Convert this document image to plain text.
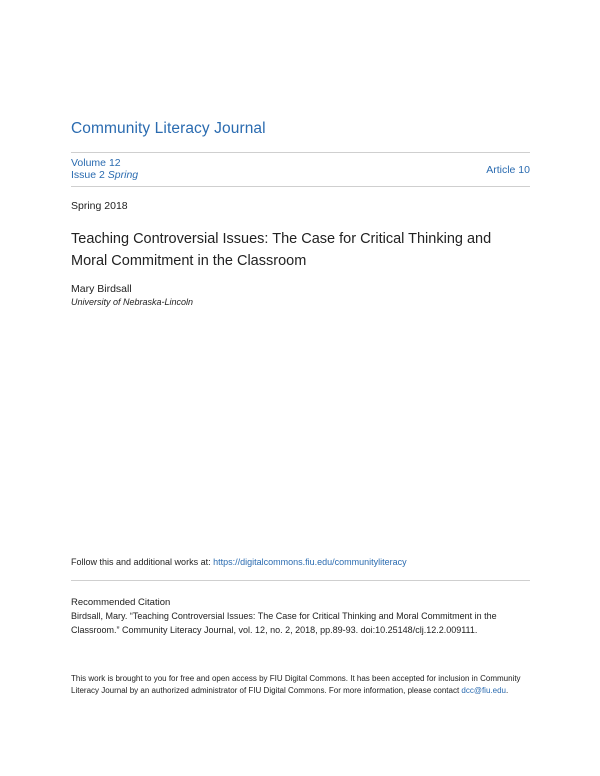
Community Literacy Journal
Volume 12
Issue 2 Spring	Article 10
Spring 2018
Teaching Controversial Issues: The Case for Critical Thinking and Moral Commitment in the Classroom
Mary Birdsall
University of Nebraska-Lincoln
Follow this and additional works at: https://digitalcommons.fiu.edu/communityliteracy
Recommended Citation
Birdsall, Mary. “Teaching Controversial Issues: The Case for Critical Thinking and Moral Commitment in the Classroom.” Community Literacy Journal, vol. 12, no. 2, 2018, pp.89-93. doi:10.25148/clj.12.2.009111.
This work is brought to you for free and open access by FIU Digital Commons. It has been accepted for inclusion in Community Literacy Journal by an authorized administrator of FIU Digital Commons. For more information, please contact dcc@fiu.edu.
